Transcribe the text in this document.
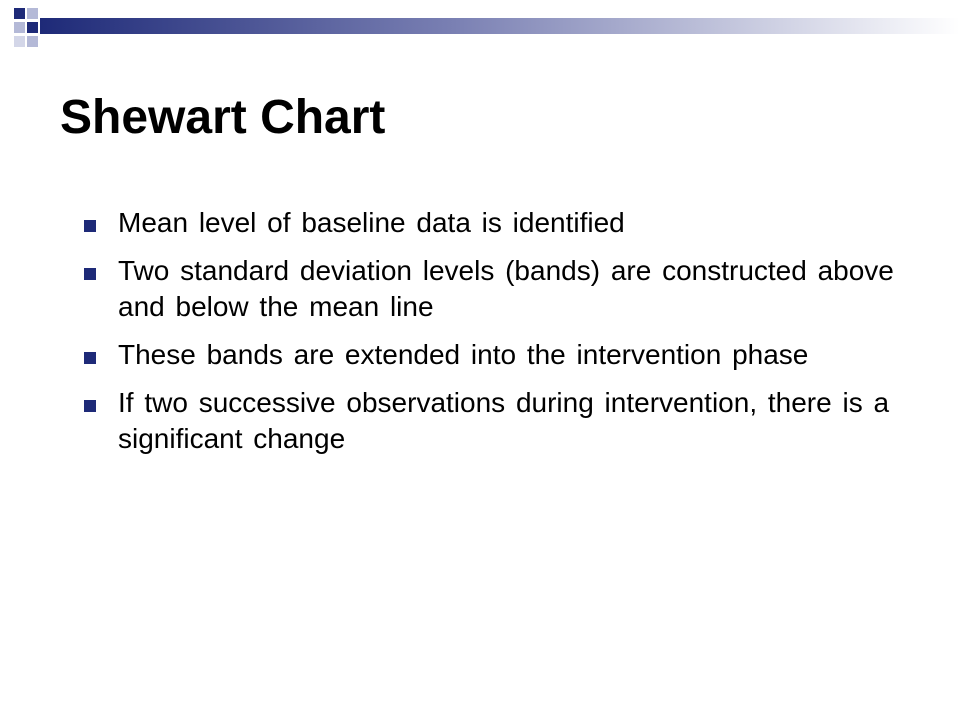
Shewart Chart
Mean level of baseline data is identified
Two standard deviation levels (bands) are constructed above and below the mean line
These bands are extended into the intervention phase
If two successive observations during intervention, there is a significant change
